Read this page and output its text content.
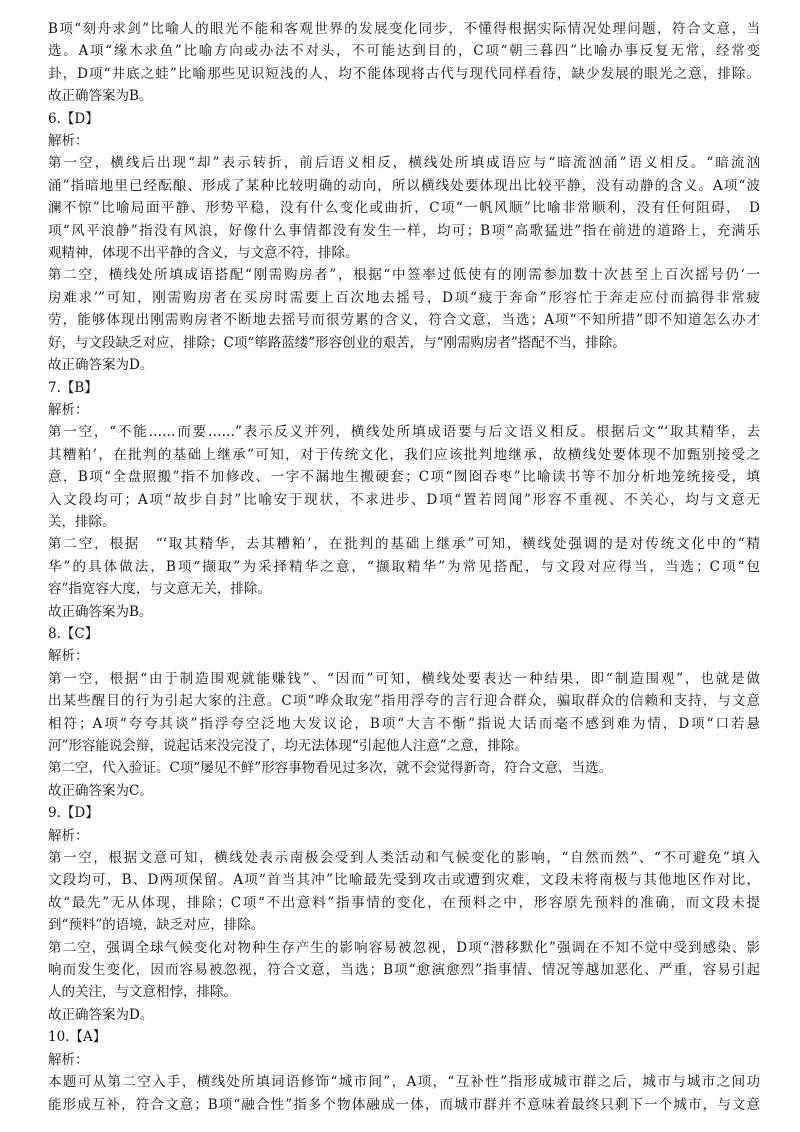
B项“刻舟求剑”比喻人的眼光不能和客观世界的发展变化同步，不懂得根据实际情况处理问题，符合文意，当
选。A项“缘木求鱼”比喻方向或办法不对头，不可能达到目的，C项“朝三暮四”比喻办事反复无常，经常变
卦，D项“井底之蛙”比喻那些见识短浅的人，均不能体现将古代与现代同样看待，缺少发展的眼光之意，排除。
故正确答案为B。
6.【D】
解析：
第一空，横线后出现“却”表示转折，前后语义相反，横线处所填成语应与“暗流汹涌”语义相反。“暗流汹
涌”指暗地里已经酝酿、形成了某种比较明确的动向，所以横线处要体现出比较平静，没有动静的含义。A项“波
澜不惊”比喻局面平静、形势平稳，没有什么变化或曲折，C项“一帆风顺”比喻非常顺利，没有任何阻碍，　D
项“风平浪静”指没有风浪，好像什么事情都没有发生一样，均可；B项“高歌猛进”指在前进的道路上，充满乐
观精神，体现不出平静的含义，与文意不符，排除。
第二空，横线处所填成语搭配“刚需购房者”，根据“中签率过低使有的刚需参加数十次甚至上百次摇号仍‘一
房难求’”可知，刚需购房者在买房时需要上百次地去摇号，D项“疲于奔命”形容忙于奔走应付而搞得非常疲
劳，能够体现出刚需购房者不断地去摇号而很劳累的含义，符合文意，当选；A项“不知所措”即不知道怎么办才
好，与文段缺乏对应，排除；C项“筚路蓝缕”形容创业的艰苦，与“刚需购房者”搭配不当，排除。
故正确答案为D。
7.【B】
解析：
第一空，“不能……而要……”表示反义并列，横线处所填成语要与后文语义相反。根据后文“‘取其精华，去
其糟粕’，在批判的基础上继承”可知，对于传统文化，我们应该批判地继承，故横线处要体现不加甄别接受之
意，B项“全盘照搬”指不加修改、一字不漏地生搬硬套；C项“囫囵吞枣”比喻读书等不加分析地笼统接受，填
入文段均可；A项“故步自封”比喻安于现状，不求进步、D项“置若罔闻”形容不重视、不关心，均与文意无
关，排除。
第二空，根据　“‘取其精华，去其糟粕’，在批判的基础上继承”可知，横线处强调的是对传统文化中的“精
华”的具体做法，B项“撷取”为采择精华之意，“撷取精华”为常见搭配，与文段对应得当，当选；C项“包
容”指宽容大度，与文意无关，排除。
故正确答案为B。
8.【C】
解析：
第一空，根据“由于制造围观就能赚钱”、“因而”可知，横线处要表达一种结果，即“制造围观”，也就是做
出某些醒目的行为引起大家的注意。C项“哗众取宠”指用浮夸的言行迎合群众，骗取群众的信赖和支持，与文意
相符；A项“夸夸其谈”指浮夸空泛地大发议论，B项“大言不惭”指说大话而毫不感到难为情，D项“口若悬
河”形容能说会辩，说起话来没完没了，均无法体现“引起他人注意”之意，排除。
第二空，代入验证。C项“屡见不鲜”形容事物看见过多次，就不会觉得新奇，符合文意，当选。
故正确答案为C。
9.【D】
解析：
第一空，根据文意可知，横线处表示南极会受到人类活动和气候变化的影响，“自然而然”、“不可避免”填入
文段均可，B、D两项保留。A项“首当其冲”比喻最先受到攻击或遭到灾难，文段未将南极与其他地区作对比，
故“最先”无从体现，排除；C项“不出意料”指事情的变化，在预料之中，形容原先预料的准确，而文段未提
到“预料”的语境，缺乏对应，排除。
第二空，强调全球气候变化对物种生存产生的影响容易被忽视，D项“潜移默化”强调在不知不觉中受到感染、影
响而发生变化，因而容易被忽视，符合文意，当选；B项“愈演愈烈”指事情、情况等越加恶化、严重，容易引起
人的关注，与文意相悖，排除。
故正确答案为D。
10.【A】
解析：
本题可从第二空入手，横线处所填词语修饰“城市间”，A项，“互补性”指形成城市群之后，城市与城市之间功
能形成互补，符合文意；B项“融合性”指多个物体融成一体，而城市群并不意味着最终只剩下一个城市，与文意
